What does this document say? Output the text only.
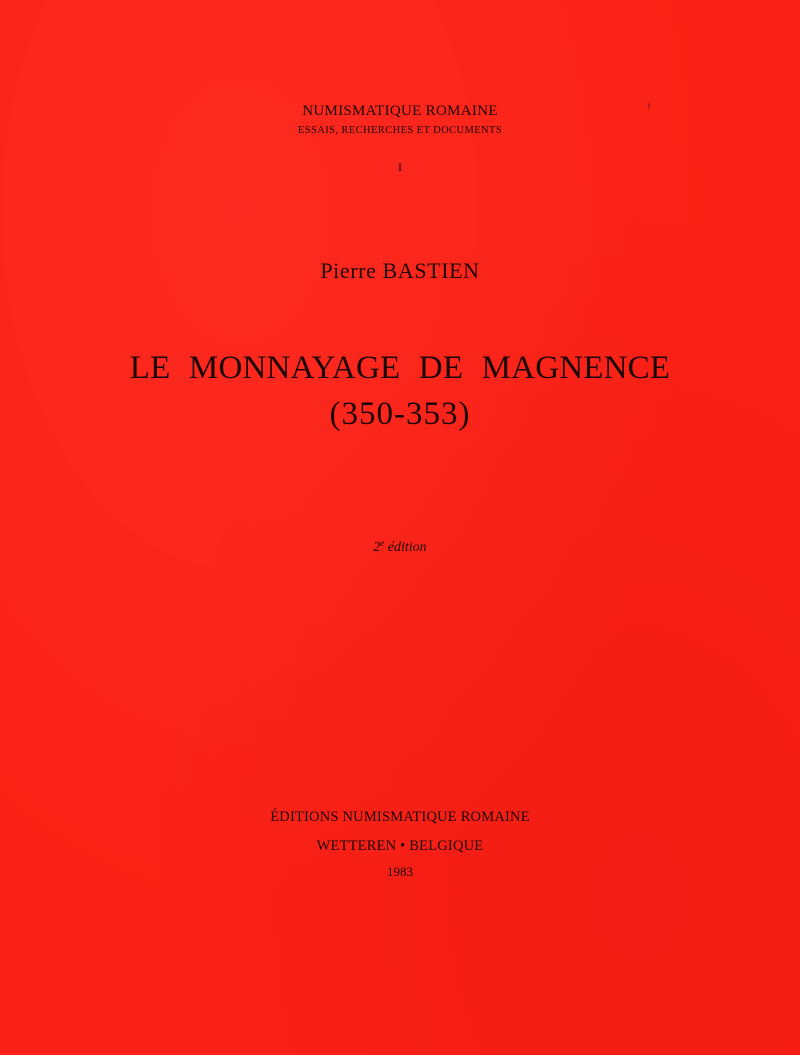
NUMISMATIQUE ROMAINE
ESSAIS, RECHERCHES ET DOCUMENTS
I
Pierre BASTIEN
LE MONNAYAGE DE MAGNENCE
(350-353)
2e édition
ÉDITIONS NUMISMATIQUE ROMAINE
WETTEREN • BELGIQUE
1983
